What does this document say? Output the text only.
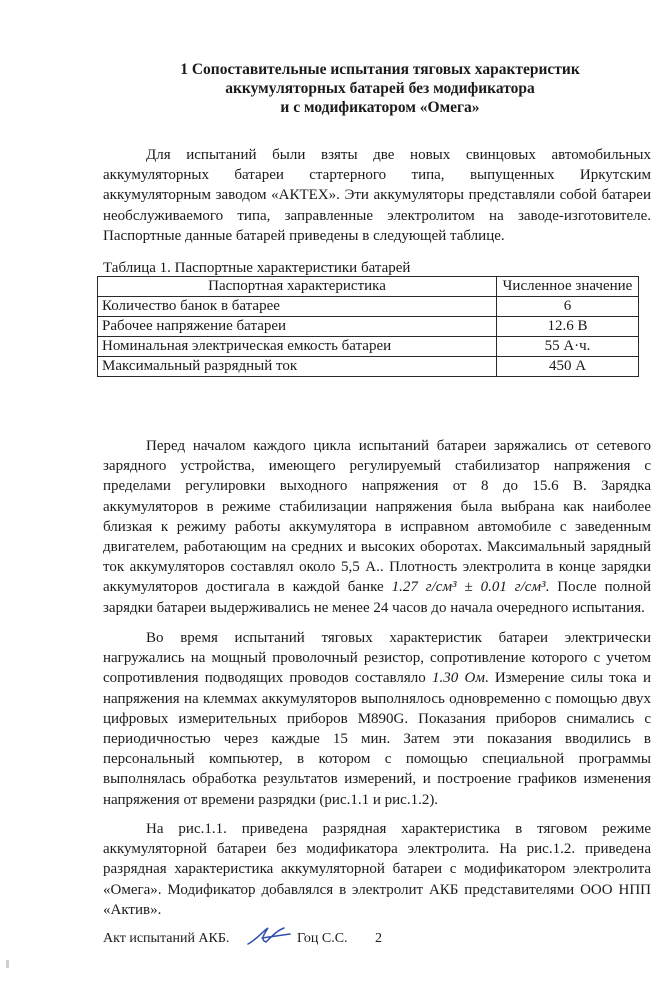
1 Сопоставительные испытания тяговых характеристик
аккумуляторных батарей без модификатора
и с модификатором «Омега»

Для испытаний были взяты две новых свинцовых автомобильных аккумуляторных батареи стартерного типа, выпущенных Иркутским аккумуляторным заводом «АКТЕХ». Эти аккумуляторы представляли собой батареи необслуживаемого типа, заправленные электролитом на заводе-изготовителе. Паспортные данные батарей приведены в следующей таблице.

Таблица 1. Паспортные характеристики батарей
Паспортная характеристика	Численное значение
Количество банок в батарее	6
Рабочее напряжение батареи	12.6 В
Номинальная электрическая емкость батареи	55 А·ч.
Максимальный разрядный ток	450 А

Перед началом каждого цикла испытаний батареи заряжались от сетевого зарядного устройства, имеющего регулируемый стабилизатор напряжения с пределами регулировки выходного напряжения от 8 до 15.6 В. Зарядка аккумуляторов в режиме стабилизации напряжения была выбрана как наиболее близкая к режиму работы аккумулятора в исправном автомобиле с заведенным двигателем, работающим на средних и высоких оборотах. Максимальный зарядный ток аккумуляторов составлял около 5,5 А.. Плотность электролита в конце зарядки аккумуляторов достигала в каждой банке 1.27 г/см³ ± 0.01 г/см³. После полной зарядки батареи выдерживались не менее 24 часов до начала очередного испытания.

Во время испытаний тяговых характеристик батареи электрически нагружались на мощный проволочный резистор, сопротивление которого с учетом сопротивления подводящих проводов составляло 1.30 Ом. Измерение силы тока и напряжения на клеммах аккумуляторов выполнялось одновременно с помощью двух цифровых измерительных приборов M890G. Показания приборов снимались с периодичностью через каждые 15 мин. Затем эти показания вводились в персональный компьютер, в котором с помощью специальной программы выполнялась обработка результатов измерений, и построение графиков изменения напряжения от времени разрядки (рис.1.1 и рис.1.2).

На рис.1.1. приведена разрядная характеристика в тяговом режиме аккумуляторной батареи без модификатора электролита. На рис.1.2. приведена разрядная характеристика аккумуляторной батареи с модификатором электролита «Омега». Модификатор добавлялся в электролит АКБ представителями ООО НПП «Актив».

Акт испытаний АКБ.	Гоц С.С. 2
